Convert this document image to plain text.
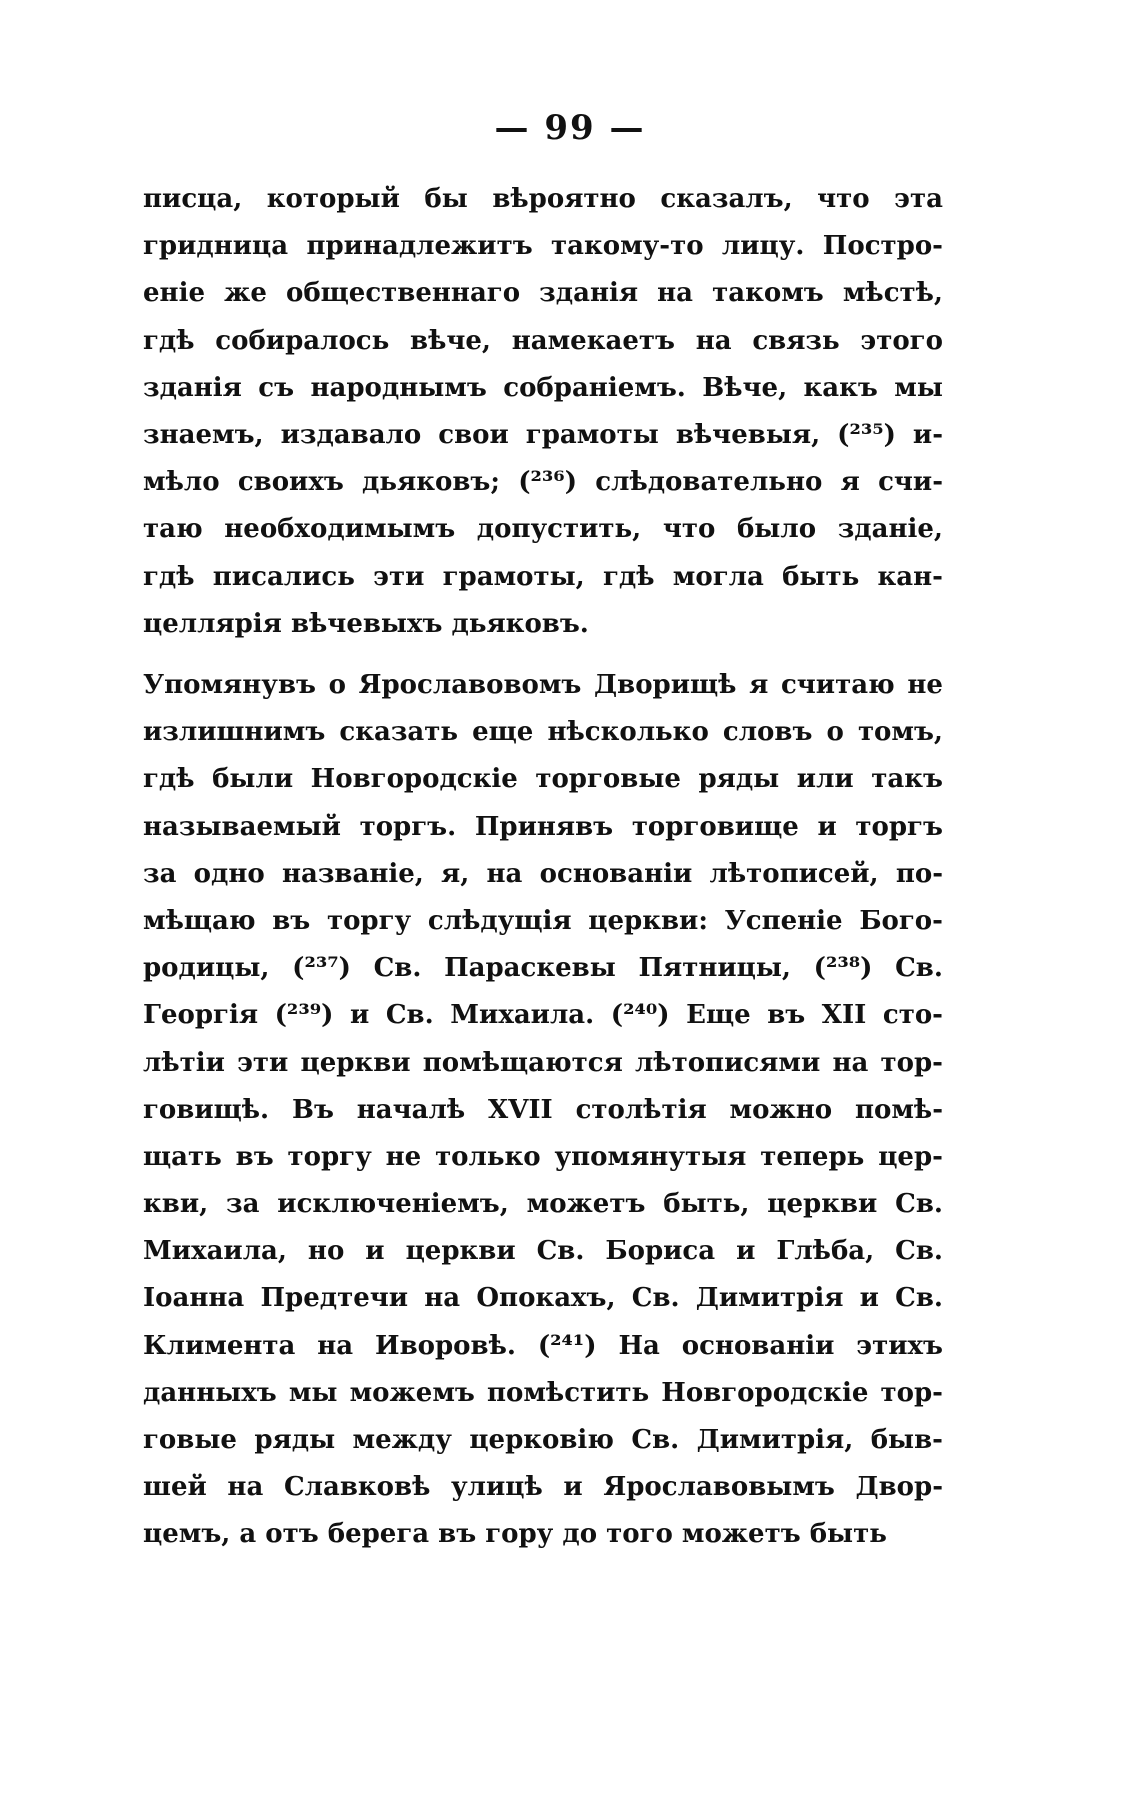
— 99 —
писца, который бы вѣроятно сказалъ, что эта
гридница принадлежитъ такому-то лицу. Постро-
еніе же общественнаго зданія на такомъ мѣстѣ,
гдѣ собиралось вѣче, намекаетъ на связь этого
зданія съ народнымъ собраніемъ. Вѣче, какъ мы
знаемъ, издавало свои грамоты вѣчевыя, (²³⁵) и-
мѣло своихъ дьяковъ; (²³⁶) слѣдовательно я счи-
таю необходимымъ допустить, что было зданіе,
гдѣ писались эти грамоты, гдѣ могла быть кан-
целлярія вѣчевыхъ дьяковъ.
Упомянувъ о Ярославовомъ Дворищѣ я считаю не
излишнимъ сказать еще нѣсколько словъ о томъ,
гдѣ были Новгородскіе торговые ряды или такъ
называемый торгъ. Принявъ торговище и торгъ
за одно названіе, я, на основаніи лѣтописей, по-
мѣщаю въ торгу слѣдущія церкви: Успеніе Бого-
родицы, (²³⁷) Св. Параскевы Пятницы, (²³⁸) Св.
Георгія (²³⁹) и Св. Михаила. (²⁴⁰) Еще въ XII сто-
лѣтіи эти церкви помѣщаются лѣтописями на тор-
говищѣ. Въ началѣ XVII столѣтія можно помѣ-
щать въ торгу не только упомянутыя теперь цер-
кви, за исключеніемъ, можетъ быть, церкви Св.
Михаила, но и церкви Св. Бориса и Глѣба, Св.
Іоанна Предтечи на Опокахъ, Св. Димитрія и Св.
Климента на Иворовѣ. (²⁴¹) На основаніи этихъ
данныхъ мы можемъ помѣстить Новгородскіе тор-
говые ряды между церковію Св. Димитрія, быв-
шей на Славковѣ улицѣ и Ярославовымъ Двор-
цемъ, а отъ берега въ гору до того можетъ быть
